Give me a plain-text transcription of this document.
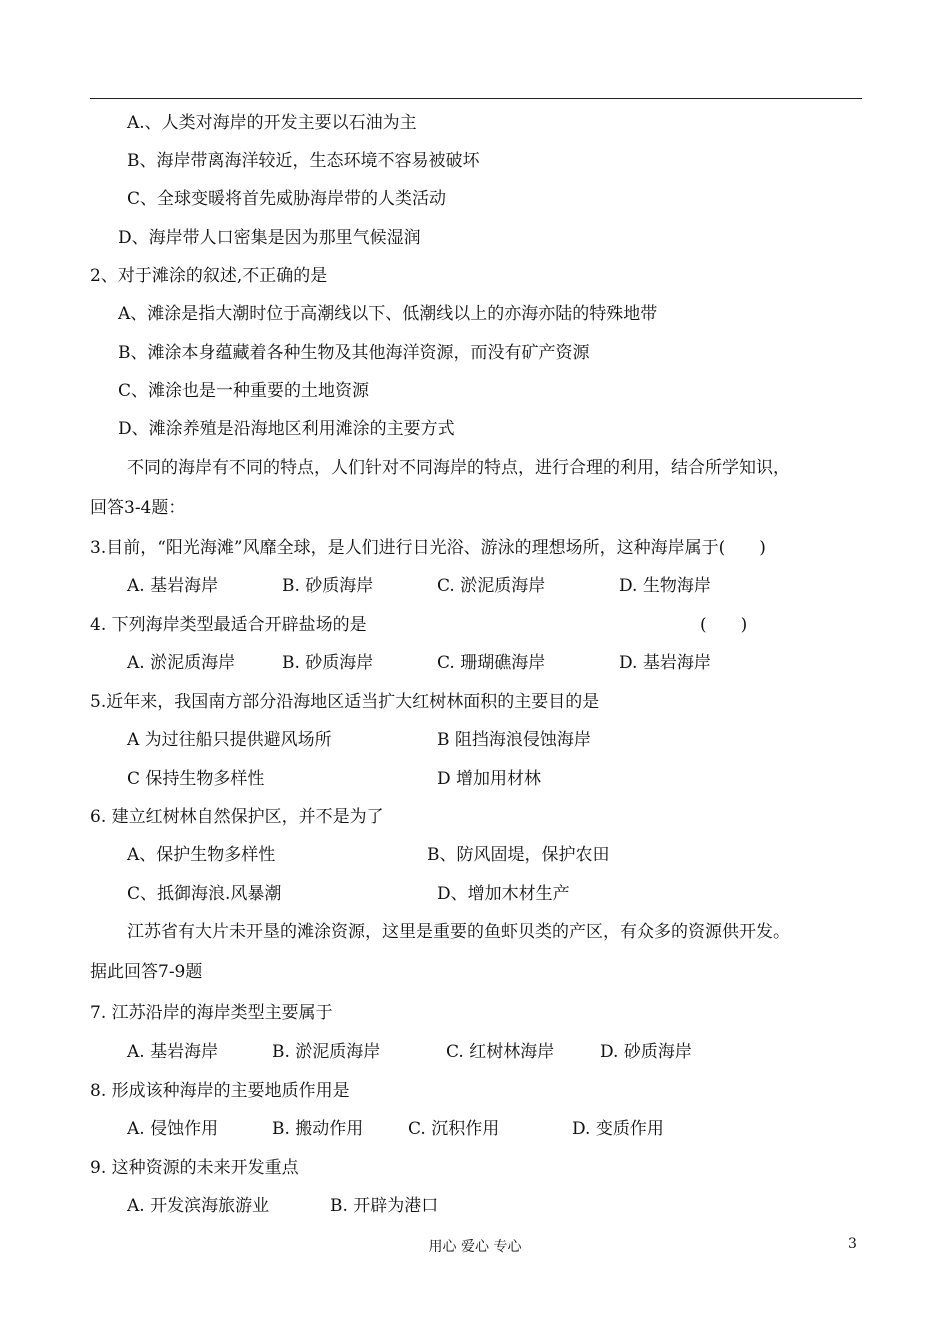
A.、人类对海岸的开发主要以石油为主
B、海岸带离海洋较近，生态环境不容易被破坏
C、全球变暖将首先威胁海岸带的人类活动
D、海岸带人口密集是因为那里气候湿润
2、对于滩涂的叙述,不正确的是
A、滩涂是指大潮时位于高潮线以下、低潮线以上的亦海亦陆的特殊地带
B、滩涂本身蕴藏着各种生物及其他海洋资源，而没有矿产资源
C、滩涂也是一种重要的土地资源
D、滩涂养殖是沿海地区利用滩涂的主要方式
不同的海岸有不同的特点，人们针对不同海岸的特点，进行合理的利用，结合所学知识，
回答3-4题：
3.目前，“阳光海滩”风靡全球，是人们进行日光浴、游泳的理想场所，这种海岸属于(　　)
A. 基岩海岸	B. 砂质海岸	C. 淤泥质海岸	D. 生物海岸
4. 下列海岸类型最适合开辟盐场的是	(　　)
A. 淤泥质海岸	B. 砂质海岸	C. 珊瑚礁海岸	D. 基岩海岸
5.近年来，我国南方部分沿海地区适当扩大红树林面积的主要目的是
A 为过往船只提供避风场所	B 阻挡海浪侵蚀海岸
C 保持生物多样性	D 增加用材林
6. 建立红树林自然保护区，并不是为了
A、保护生物多样性	B、防风固堤，保护农田
C、抵御海浪.风暴潮	D、增加木材生产
江苏省有大片未开垦的滩涂资源，这里是重要的鱼虾贝类的产区，有众多的资源供开发。
据此回答7-9题
7. 江苏沿岸的海岸类型主要属于
A. 基岩海岸	B. 淤泥质海岸	C. 红树林海岸	D. 砂质海岸
8. 形成该种海岸的主要地质作用是
A. 侵蚀作用	B. 搬动作用	C. 沉积作用	D. 变质作用
9. 这种资源的未来开发重点
A. 开发滨海旅游业	B. 开辟为港口
用心 爱心 专心	3
